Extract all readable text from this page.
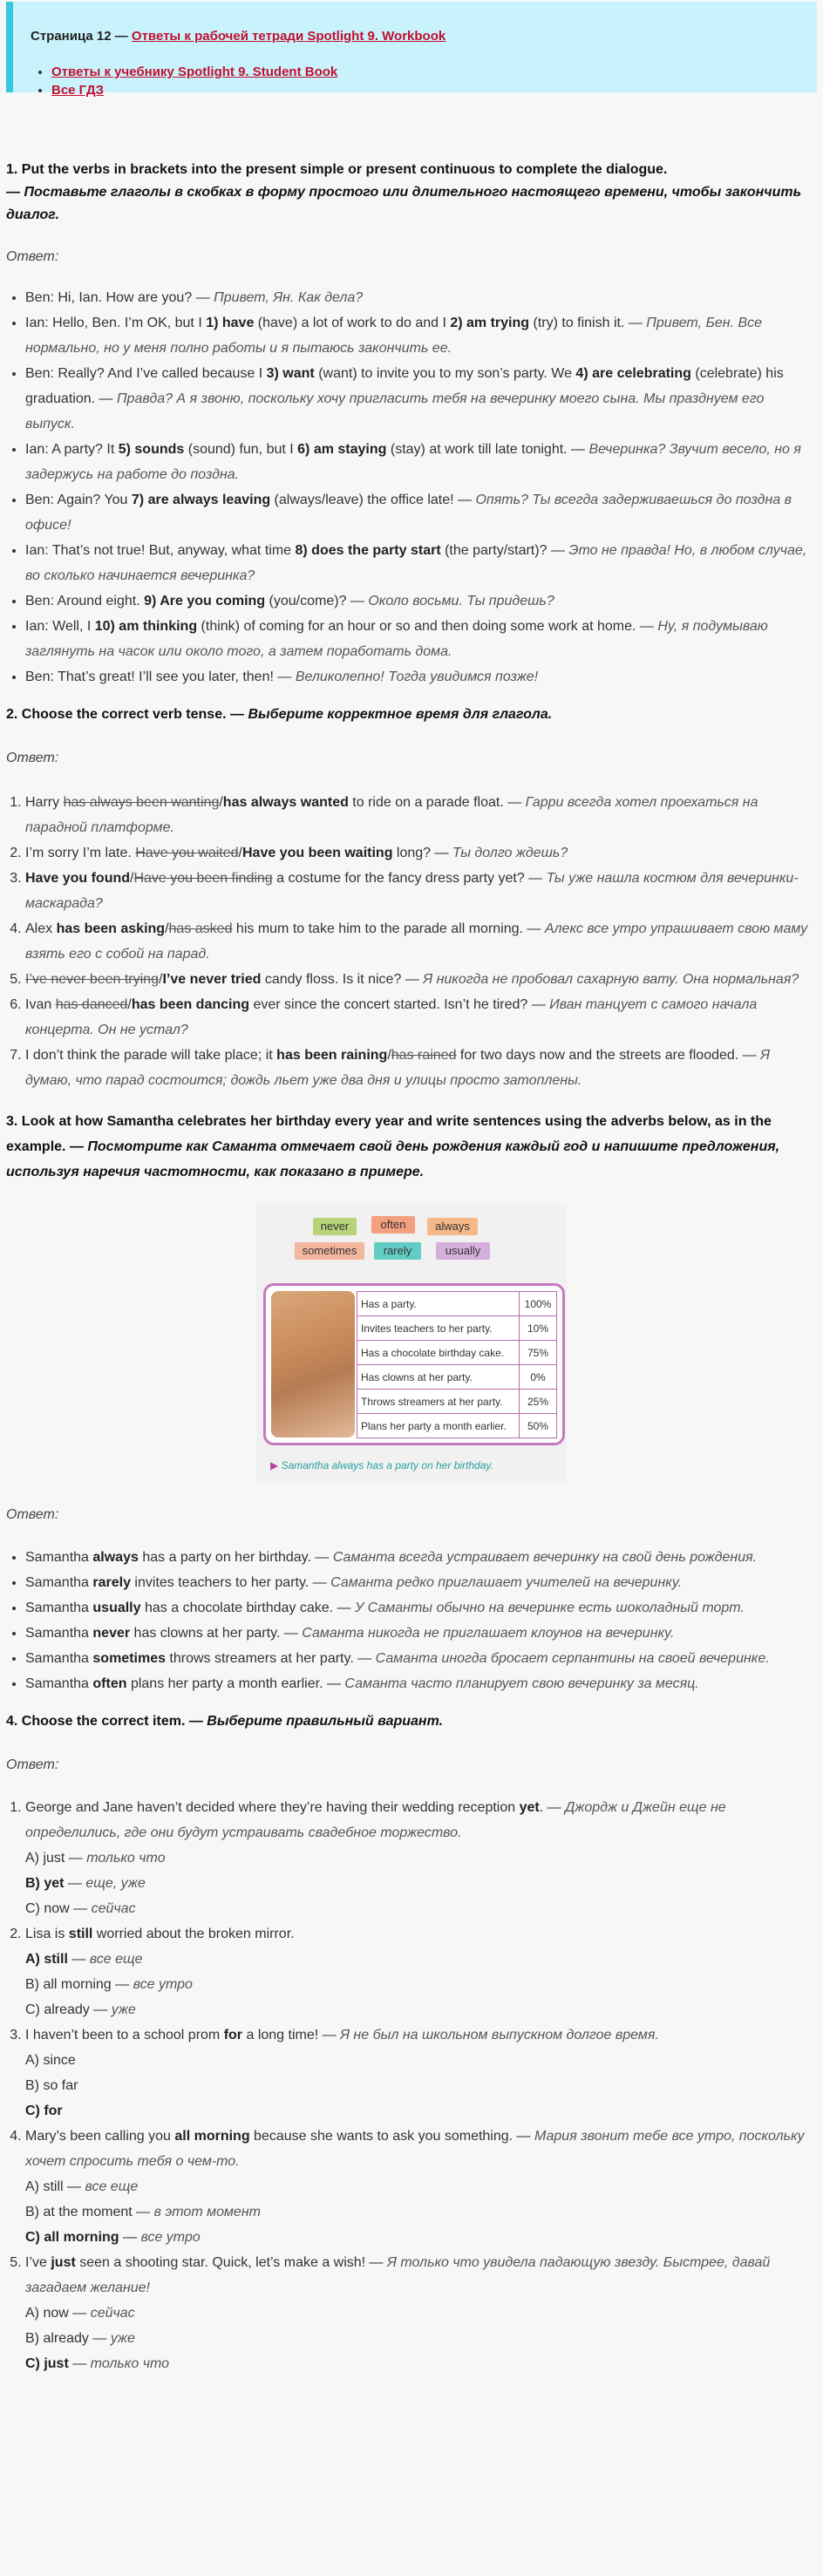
Страница 12 — Ответы к рабочей тетради Spotlight 9. Workbook
• Ответы к учебнику Spotlight 9. Student Book
• Все ГДЗ

1. Put the verbs in brackets into the present simple or present continuous to complete the dialogue.
— Поставьте глаголы в скобках в форму простого или длительного настоящего времени, чтобы закончить диалог.

Ответ:

• Ben: Hi, Ian. How are you? — Привет, Ян. Как дела?
• Ian: Hello, Ben. I’m OK, but I 1) have (have) a lot of work to do and I 2) am trying (try) to finish it. — Привет, Бен. Все нормально, но у меня полно работы и я пытаюсь закончить ее.
• Ben: Really? And I’ve called because I 3) want (want) to invite you to my son’s party. We 4) are celebrating (celebrate) his graduation. — Правда? А я звоню, поскольку хочу пригласить тебя на вечеринку моего сына. Мы празднуем его выпуск.
• Ian: A party? It 5) sounds (sound) fun, but I 6) am staying (stay) at work till late tonight. — Вечеринка? Звучит весело, но я задержусь на работе до поздна.
• Ben: Again? You 7) are always leaving (always/leave) the office late! — Опять? Ты всегда задерживаешься до поздна в офисе!
• Ian: That’s not true! But, anyway, what time 8) does the party start (the party/start)? — Это не правда! Но, в любом случае, во сколько начинается вечеринка?
• Ben: Around eight. 9) Are you coming (you/come)? — Около восьми. Ты придешь?
• Ian: Well, I 10) am thinking (think) of coming for an hour or so and then doing some work at home. — Ну, я подумываю заглянуть на часок или около того, а затем поработать дома.
• Ben: That’s great! I’ll see you later, then! — Великолепно! Тогда увидимся позже!

2. Choose the correct verb tense. — Выберите корректное время для глагола.

Ответ:

1. Harry has always been wanting/has always wanted to ride on a parade float. — Гарри всегда хотел проехаться на парадной платформе.
2. I’m sorry I’m late. Have you waited/Have you been waiting long? — Ты долго ждешь?
3. Have you found/Have you been finding a costume for the fancy dress party yet? — Ты уже нашла костюм для вечеринки-маскарада?
4. Alex has been asking/has asked his mum to take him to the parade all morning. — Алекс все утро упрашивает свою маму взять его с собой на парад.
5. I’ve never been trying/I’ve never tried candy floss. Is it nice? — Я никогда не пробовал сахарную вату. Она нормальная?
6. Ivan has danced/has been dancing ever since the concert started. Isn’t he tired? — Иван танцует с самого начала концерта. Он не устал?
7. I don’t think the parade will take place; it has been raining/has rained for two days now and the streets are flooded. — Я думаю, что парад состоится; дождь льет уже два дня и улицы просто затоплены.

3. Look at how Samantha celebrates her birthday every year and write sentences using the adverbs below, as in the example. — Посмотрите как Саманта отмечает свой день рождения каждый год и напишите предложения, используя наречия частотности, как показано в примере.

never	often	always
sometimes	rarely	usually
Has a party.	100%
Invites teachers to her party.	10%
Has a chocolate birthday cake.	75%
Has clowns at her party.	0%
Throws streamers at her party.	25%
Plans her party a month earlier.	50%
▶ Samantha always has a party on her birthday.

Ответ:

• Samantha always has a party on her birthday. — Саманта всегда устраивает вечеринку на свой день рождения.
• Samantha rarely invites teachers to her party. — Саманта редко приглашает учителей на вечеринку.
• Samantha usually has a chocolate birthday cake. — У Саманты обычно на вечеринке есть шоколадный торт.
• Samantha never has clowns at her party. — Саманта никогда не приглашает клоунов на вечеринку.
• Samantha sometimes throws streamers at her party. — Саманта иногда бросает серпантины на своей вечеринке.
• Samantha often plans her party a month earlier. — Саманта часто планирует свою вечеринку за месяц.

4. Choose the correct item. — Выберите правильный вариант.

Ответ:

1. George and Jane haven’t decided where they’re having their wedding reception yet. — Джордж и Джейн еще не определились, где они будут устраивать свадебное торжество.
A) just — только что
B) yet — еще, уже
C) now — сейчас
2. Lisa is still worried about the broken mirror.
A) still — все еще
B) all morning — все утро
C) already — уже
3. I haven’t been to a school prom for a long time! — Я не был на школьном выпускном долгое время.
A) since
B) so far
C) for
4. Mary’s been calling you all morning because she wants to ask you something. — Мария звонит тебе все утро, поскольку хочет спросить тебя о чем-то.
A) still — все еще
B) at the moment — в этот момент
C) all morning — все утро
5. I’ve just seen a shooting star. Quick, let’s make a wish! — Я только что увидела падающую звезду. Быстрее, давай загадаем желание!
A) now — сейчас
B) already — уже
C) just — только что
